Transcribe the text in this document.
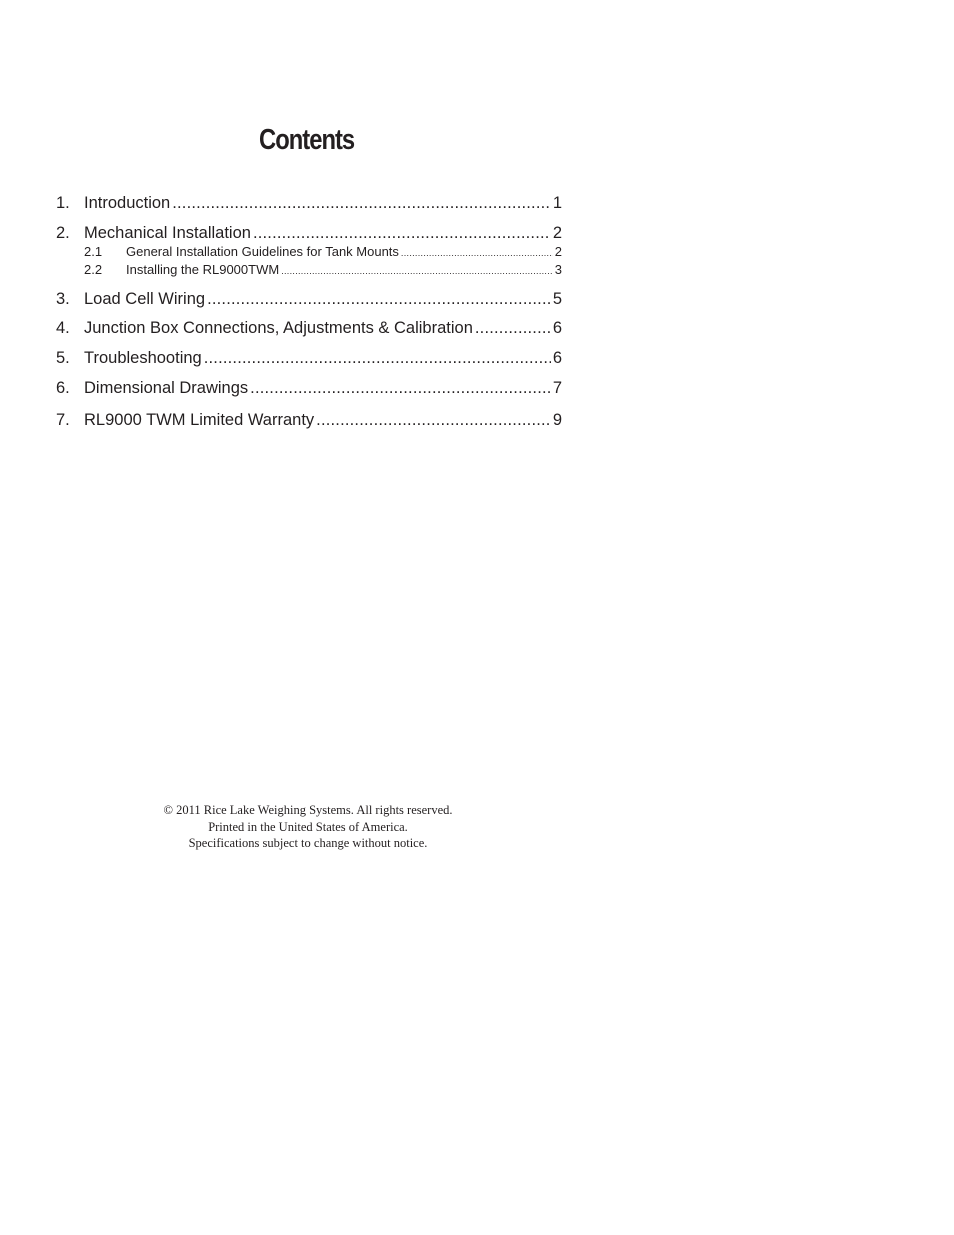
Contents
1. Introduction .....	1
2. Mechanical Installation .....	2
2.1	General Installation Guidelines for Tank Mounts .....	2
2.2	Installing the RL9000TWM .....	3
3. Load Cell Wiring .....	5
4. Junction Box Connections, Adjustments & Calibration .....	6
5. Troubleshooting .....	6
6. Dimensional Drawings .....	7
7. RL9000 TWM Limited Warranty .....	9
© 2011 Rice Lake Weighing Systems. All rights reserved.
Printed in the United States of America.
Specifications subject to change without notice.
